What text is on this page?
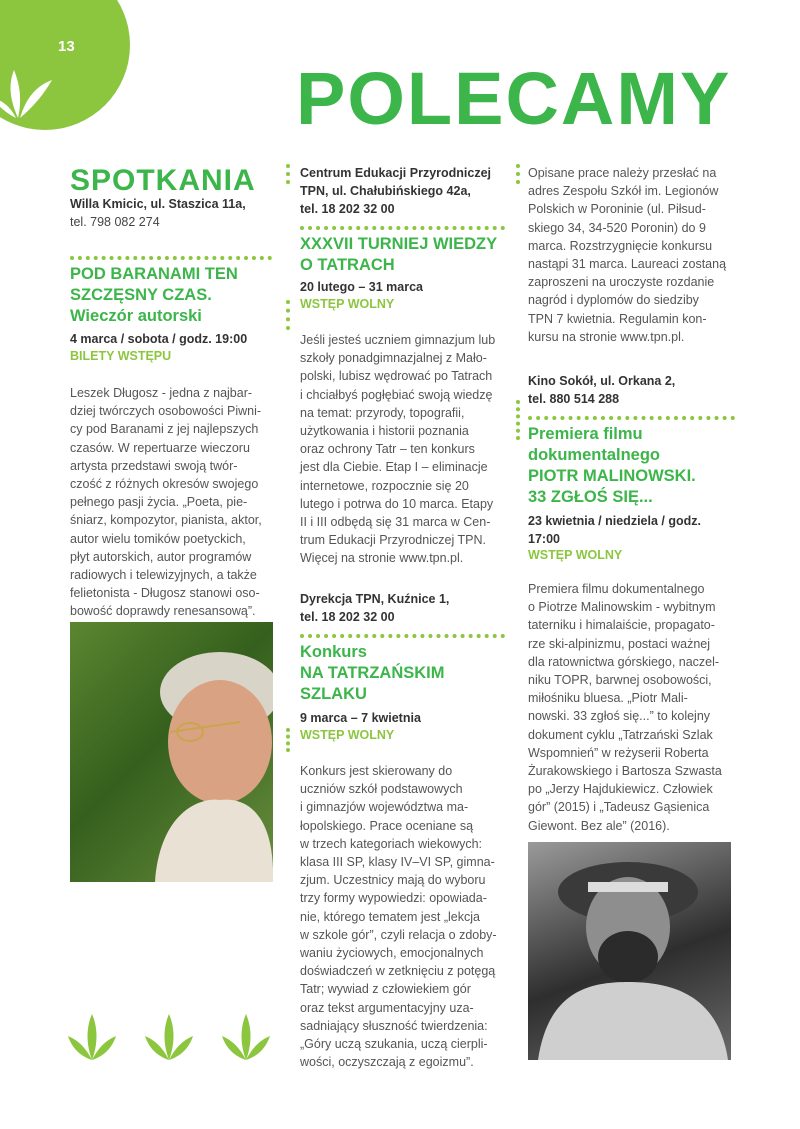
13
POLECAMY
SPOTKANIA
Willa Kmicic, ul. Staszica 11a,
tel. 798 082 274
POD BARANAMI TEN
SZCZĘSNY CZAS.
Wieczór autorski
4 marca / sobota / godz. 19:00
BILETY WSTĘPU
Leszek Długosz - jedna z najbar-
dziej twórczych osobowości Piwni-
cy pod Baranami z jej najlepszych
czasów. W repertuarze wieczoru
artysta przedstawi swoją twór-
czość z różnych okresów swojego
pełnego pasji życia. „Poeta, pie-
śniarz, kompozytor, pianista, aktor,
autor wielu tomików poetyckich,
płyt autorskich, autor programów
radiowych i telewizyjnych, a także
felietonista - Długosz stanowi oso-
bowość doprawdy renesansową”.
Centrum Edukacji Przyrodniczej
TPN, ul. Chałubińskiego 42a,
tel. 18 202 32 00
XXXVII TURNIEJ WIEDZY
O TATRACH
20 lutego – 31 marca
WSTĘP WOLNY
Jeśli jesteś uczniem gimnazjum lub
szkoły ponadgimnazjalnej z Mało-
polski, lubisz wędrować po Tatrach
i chciałbyś pogłębiać swoją wiedzę
na temat: przyrody, topografii,
użytkowania i historii poznania
oraz ochrony Tatr – ten konkurs
jest dla Ciebie. Etap I – eliminacje
internetowe, rozpocznie się 20
lutego i potrwa do 10 marca. Etapy
II i III odbędą się 31 marca w Cen-
trum Edukacji Przyrodniczej TPN.
Więcej na stronie www.tpn.pl.
Dyrekcja TPN, Kuźnice 1,
tel. 18 202 32 00
Konkurs
NA TATRZAŃSKIM
SZLAKU
9 marca – 7 kwietnia
WSTĘP WOLNY
Konkurs jest skierowany do
uczniów szkół podstawowych
i gimnazjów województwa ma-
łopolskiego. Prace oceniane są
w trzech kategoriach wiekowych:
klasa III SP, klasy IV–VI SP, gimna-
zjum. Uczestnicy mają do wyboru
trzy formy wypowiedzi: opowiada-
nie, którego tematem jest „lekcja
w szkole gór”, czyli relacja o zdoby-
waniu życiowych, emocjonalnych
doświadczeń w zetknięciu z potęgą
Tatr; wywiad z człowiekiem gór
oraz tekst argumentacyjny uza-
sadniający słuszność twierdzenia:
„Góry uczą szukania, uczą cierpli-
wości, oczyszczają z egoizmu”.
Opisane prace należy przesłać na
adres Zespołu Szkół im. Legionów
Polskich w Poroninie (ul. Piłsud-
skiego 34, 34-520 Poronin) do 9
marca. Rozstrzygnięcie konkursu
nastąpi 31 marca. Laureaci zostaną
zaproszeni na uroczyste rozdanie
nagród i dyplomów do siedziby
TPN 7 kwietnia. Regulamin kon-
kursu na stronie www.tpn.pl.
Kino Sokół, ul. Orkana 2,
tel. 880 514 288
Premiera filmu
dokumentalnego
PIOTR MALINOWSKI.
33 ZGŁOŚ SIĘ...
23 kwietnia / niedziela / godz.
17:00
WSTĘP WOLNY
Premiera filmu dokumentalnego
o Piotrze Malinowskim - wybitnym
taterniku i himalaiście, propagato-
rze ski-alpinizmu, postaci ważnej
dla ratownictwa górskiego, naczel-
niku TOPR, barwnej osobowości,
miłośniku bluesa. „Piotr Mali-
nowski. 33 zgłoś się...” to kolejny
dokument cyklu „Tatrzański Szlak
Wspomnień” w reżyserii Roberta
Żurakowskiego i Bartosza Szwasta
po „Jerzy Hajdukiewicz. Człowiek
gór” (2015) i „Tadeusz Gąsienica
Giewont. Bez ale” (2016).
